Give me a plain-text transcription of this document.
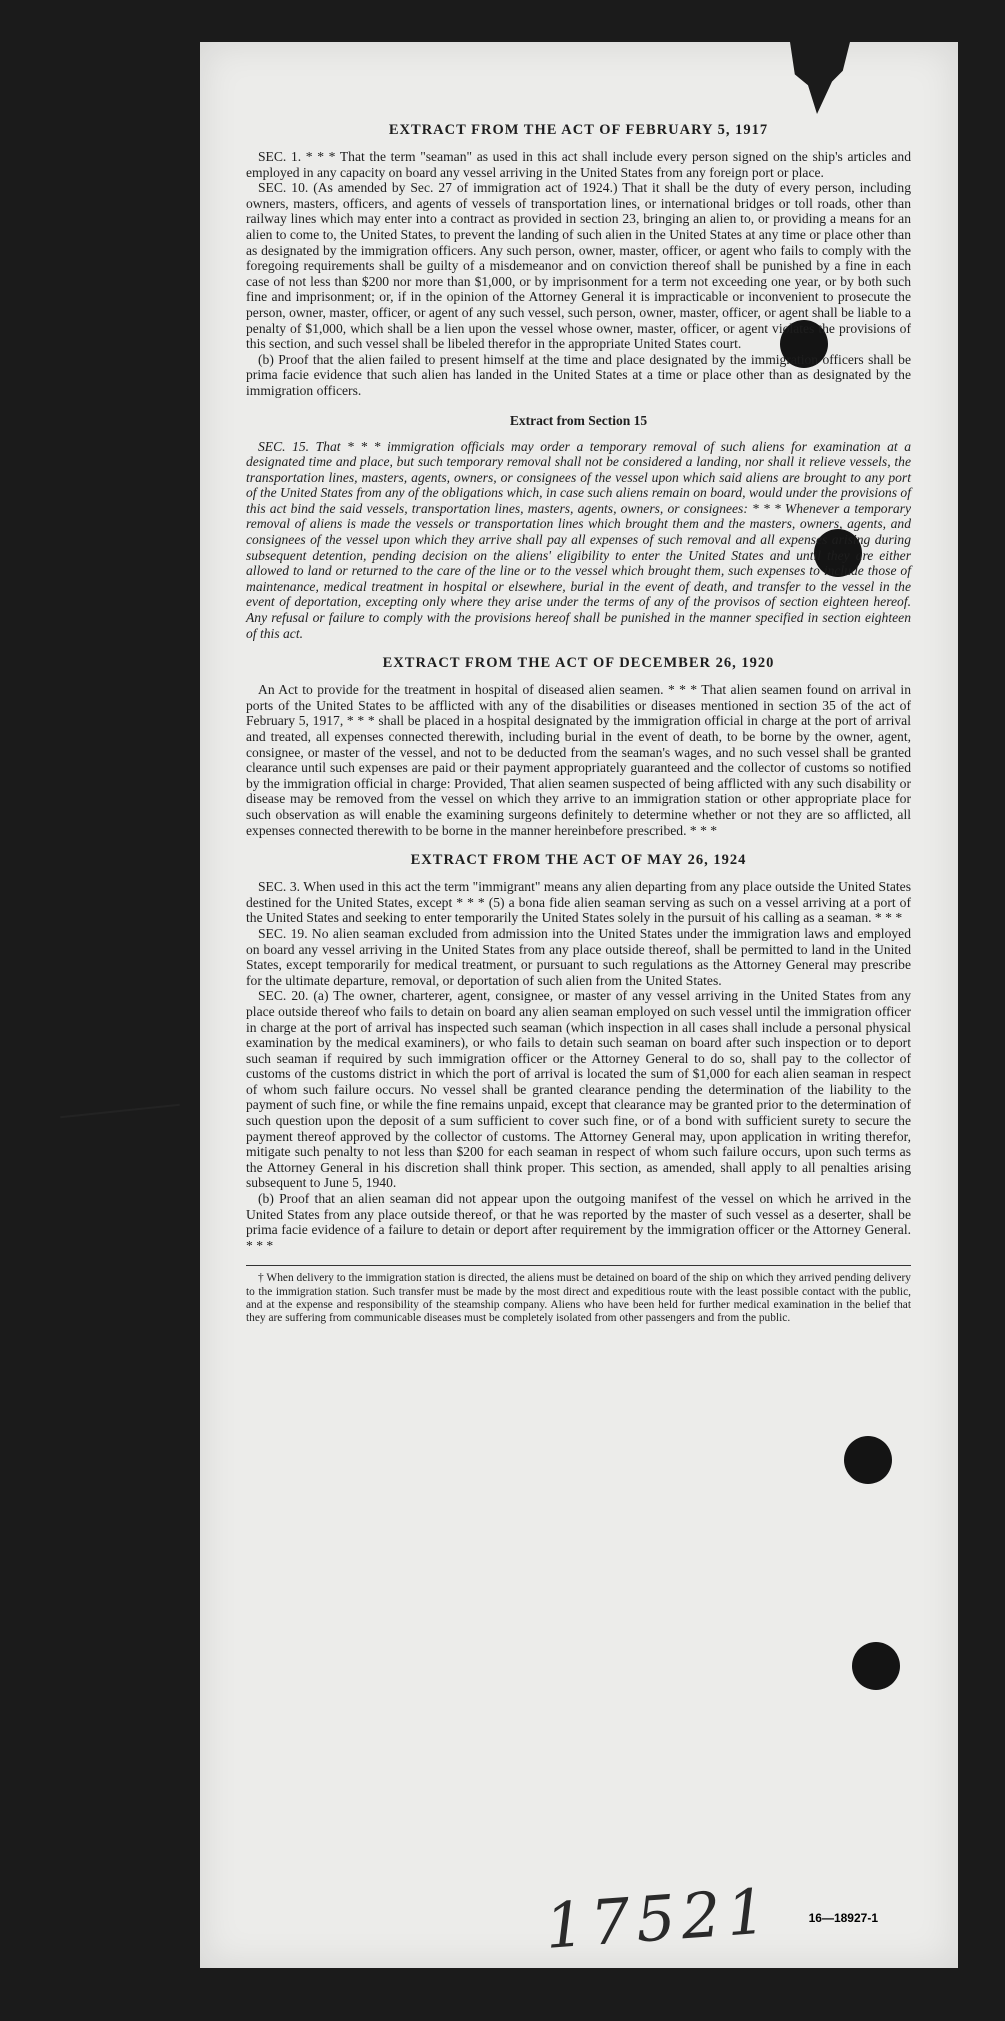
EXTRACT FROM THE ACT OF FEBRUARY 5, 1917

SEC. 1. * * * That the term "seaman" as used in this act shall include every person signed on the ship's articles and employed in any capacity on board any vessel arriving in the United States from any foreign port or place.

SEC. 10. (As amended by Sec. 27 of immigration act of 1924.) That it shall be the duty of every person, including owners, masters, officers, and agents of vessels of transportation lines, or international bridges or toll roads, other than railway lines which may enter into a contract as provided in section 23, bringing an alien to, or providing a means for an alien to come to, the United States, to prevent the landing of such alien in the United States at any time or place other than as designated by the immigration officers. Any such person, owner, master, officer, or agent who fails to comply with the foregoing requirements shall be guilty of a misdemeanor and on conviction thereof shall be punished by a fine in each case of not less than $200 nor more than $1,000, or by imprisonment for a term not exceeding one year, or by both such fine and imprisonment; or, if in the opinion of the Attorney General it is impracticable or inconvenient to prosecute the person, owner, master, officer, or agent of any such vessel, such person, owner, master, officer, or agent shall be liable to a penalty of $1,000, which shall be a lien upon the vessel whose owner, master, officer, or agent violates the provisions of this section, and such vessel shall be libeled therefor in the appropriate United States court.

(b) Proof that the alien failed to present himself at the time and place designated by the immigration officers shall be prima facie evidence that such alien has landed in the United States at a time or place other than as designated by the immigration officers.

Extract from Section 15

SEC. 15. That * * * immigration officials may order a temporary removal of such aliens for examination at a designated time and place, but such temporary removal shall not be considered a landing, nor shall it relieve vessels, the transportation lines, masters, agents, owners, or consignees of the vessel upon which said aliens are brought to any port of the United States from any of the obligations which, in case such aliens remain on board, would under the provisions of this act bind the said vessels, transportation lines, masters, agents, owners, or consignees: * * * Whenever a temporary removal of aliens is made the vessels or transportation lines which brought them and the masters, owners, agents, and consignees of the vessel upon which they arrive shall pay all expenses of such removal and all expenses arising during subsequent detention, pending decision on the aliens' eligibility to enter the United States and until they are either allowed to land or returned to the care of the line or to the vessel which brought them, such expenses to include those of maintenance, medical treatment in hospital or elsewhere, burial in the event of death, and transfer to the vessel in the event of deportation, excepting only where they arise under the terms of any of the provisos of section eighteen hereof. Any refusal or failure to comply with the provisions hereof shall be punished in the manner specified in section eighteen of this act.

EXTRACT FROM THE ACT OF DECEMBER 26, 1920

An Act to provide for the treatment in hospital of diseased alien seamen. * * * That alien seamen found on arrival in ports of the United States to be afflicted with any of the disabilities or diseases mentioned in section 35 of the act of February 5, 1917, * * * shall be placed in a hospital designated by the immigration official in charge at the port of arrival and treated, all expenses connected therewith, including burial in the event of death, to be borne by the owner, agent, consignee, or master of the vessel, and not to be deducted from the seaman's wages, and no such vessel shall be granted clearance until such expenses are paid or their payment appropriately guaranteed and the collector of customs so notified by the immigration official in charge: Provided, That alien seamen suspected of being afflicted with any such disability or disease may be removed from the vessel on which they arrive to an immigration station or other appropriate place for such observation as will enable the examining surgeons definitely to determine whether or not they are so afflicted, all expenses connected therewith to be borne in the manner hereinbefore prescribed. * * *

EXTRACT FROM THE ACT OF MAY 26, 1924

SEC. 3. When used in this act the term "immigrant" means any alien departing from any place outside the United States destined for the United States, except * * * (5) a bona fide alien seaman serving as such on a vessel arriving at a port of the United States and seeking to enter temporarily the United States solely in the pursuit of his calling as a seaman. * * *

SEC. 19. No alien seaman excluded from admission into the United States under the immigration laws and employed on board any vessel arriving in the United States from any place outside thereof, shall be permitted to land in the United States, except temporarily for medical treatment, or pursuant to such regulations as the Attorney General may prescribe for the ultimate departure, removal, or deportation of such alien from the United States.

SEC. 20. (a) The owner, charterer, agent, consignee, or master of any vessel arriving in the United States from any place outside thereof who fails to detain on board any alien seaman employed on such vessel until the immigration officer in charge at the port of arrival has inspected such seaman (which inspection in all cases shall include a personal physical examination by the medical examiners), or who fails to detain such seaman on board after such inspection or to deport such seaman if required by such immigration officer or the Attorney General to do so, shall pay to the collector of customs of the customs district in which the port of arrival is located the sum of $1,000 for each alien seaman in respect of whom such failure occurs. No vessel shall be granted clearance pending the determination of the liability to the payment of such fine, or while the fine remains unpaid, except that clearance may be granted prior to the determination of such question upon the deposit of a sum sufficient to cover such fine, or of a bond with sufficient surety to secure the payment thereof approved by the collector of customs. The Attorney General may, upon application in writing therefor, mitigate such penalty to not less than $200 for each seaman in respect of whom such failure occurs, upon such terms as the Attorney General in his discretion shall think proper. This section, as amended, shall apply to all penalties arising subsequent to June 5, 1940.

(b) Proof that an alien seaman did not appear upon the outgoing manifest of the vessel on which he arrived in the United States from any place outside thereof, or that he was reported by the master of such vessel as a deserter, shall be prima facie evidence of a failure to detain or deport after requirement by the immigration officer or the Attorney General. * * *

† When delivery to the immigration station is directed, the aliens must be detained on board of the ship on which they arrived pending delivery to the immigration station. Such transfer must be made by the most direct and expeditious route with the least possible contact with the public, and at the expense and responsibility of the steamship company. Aliens who have been held for further medical examination in the belief that they are suffering from communicable diseases must be completely isolated from other passengers and from the public.

17521	16—18927-1
